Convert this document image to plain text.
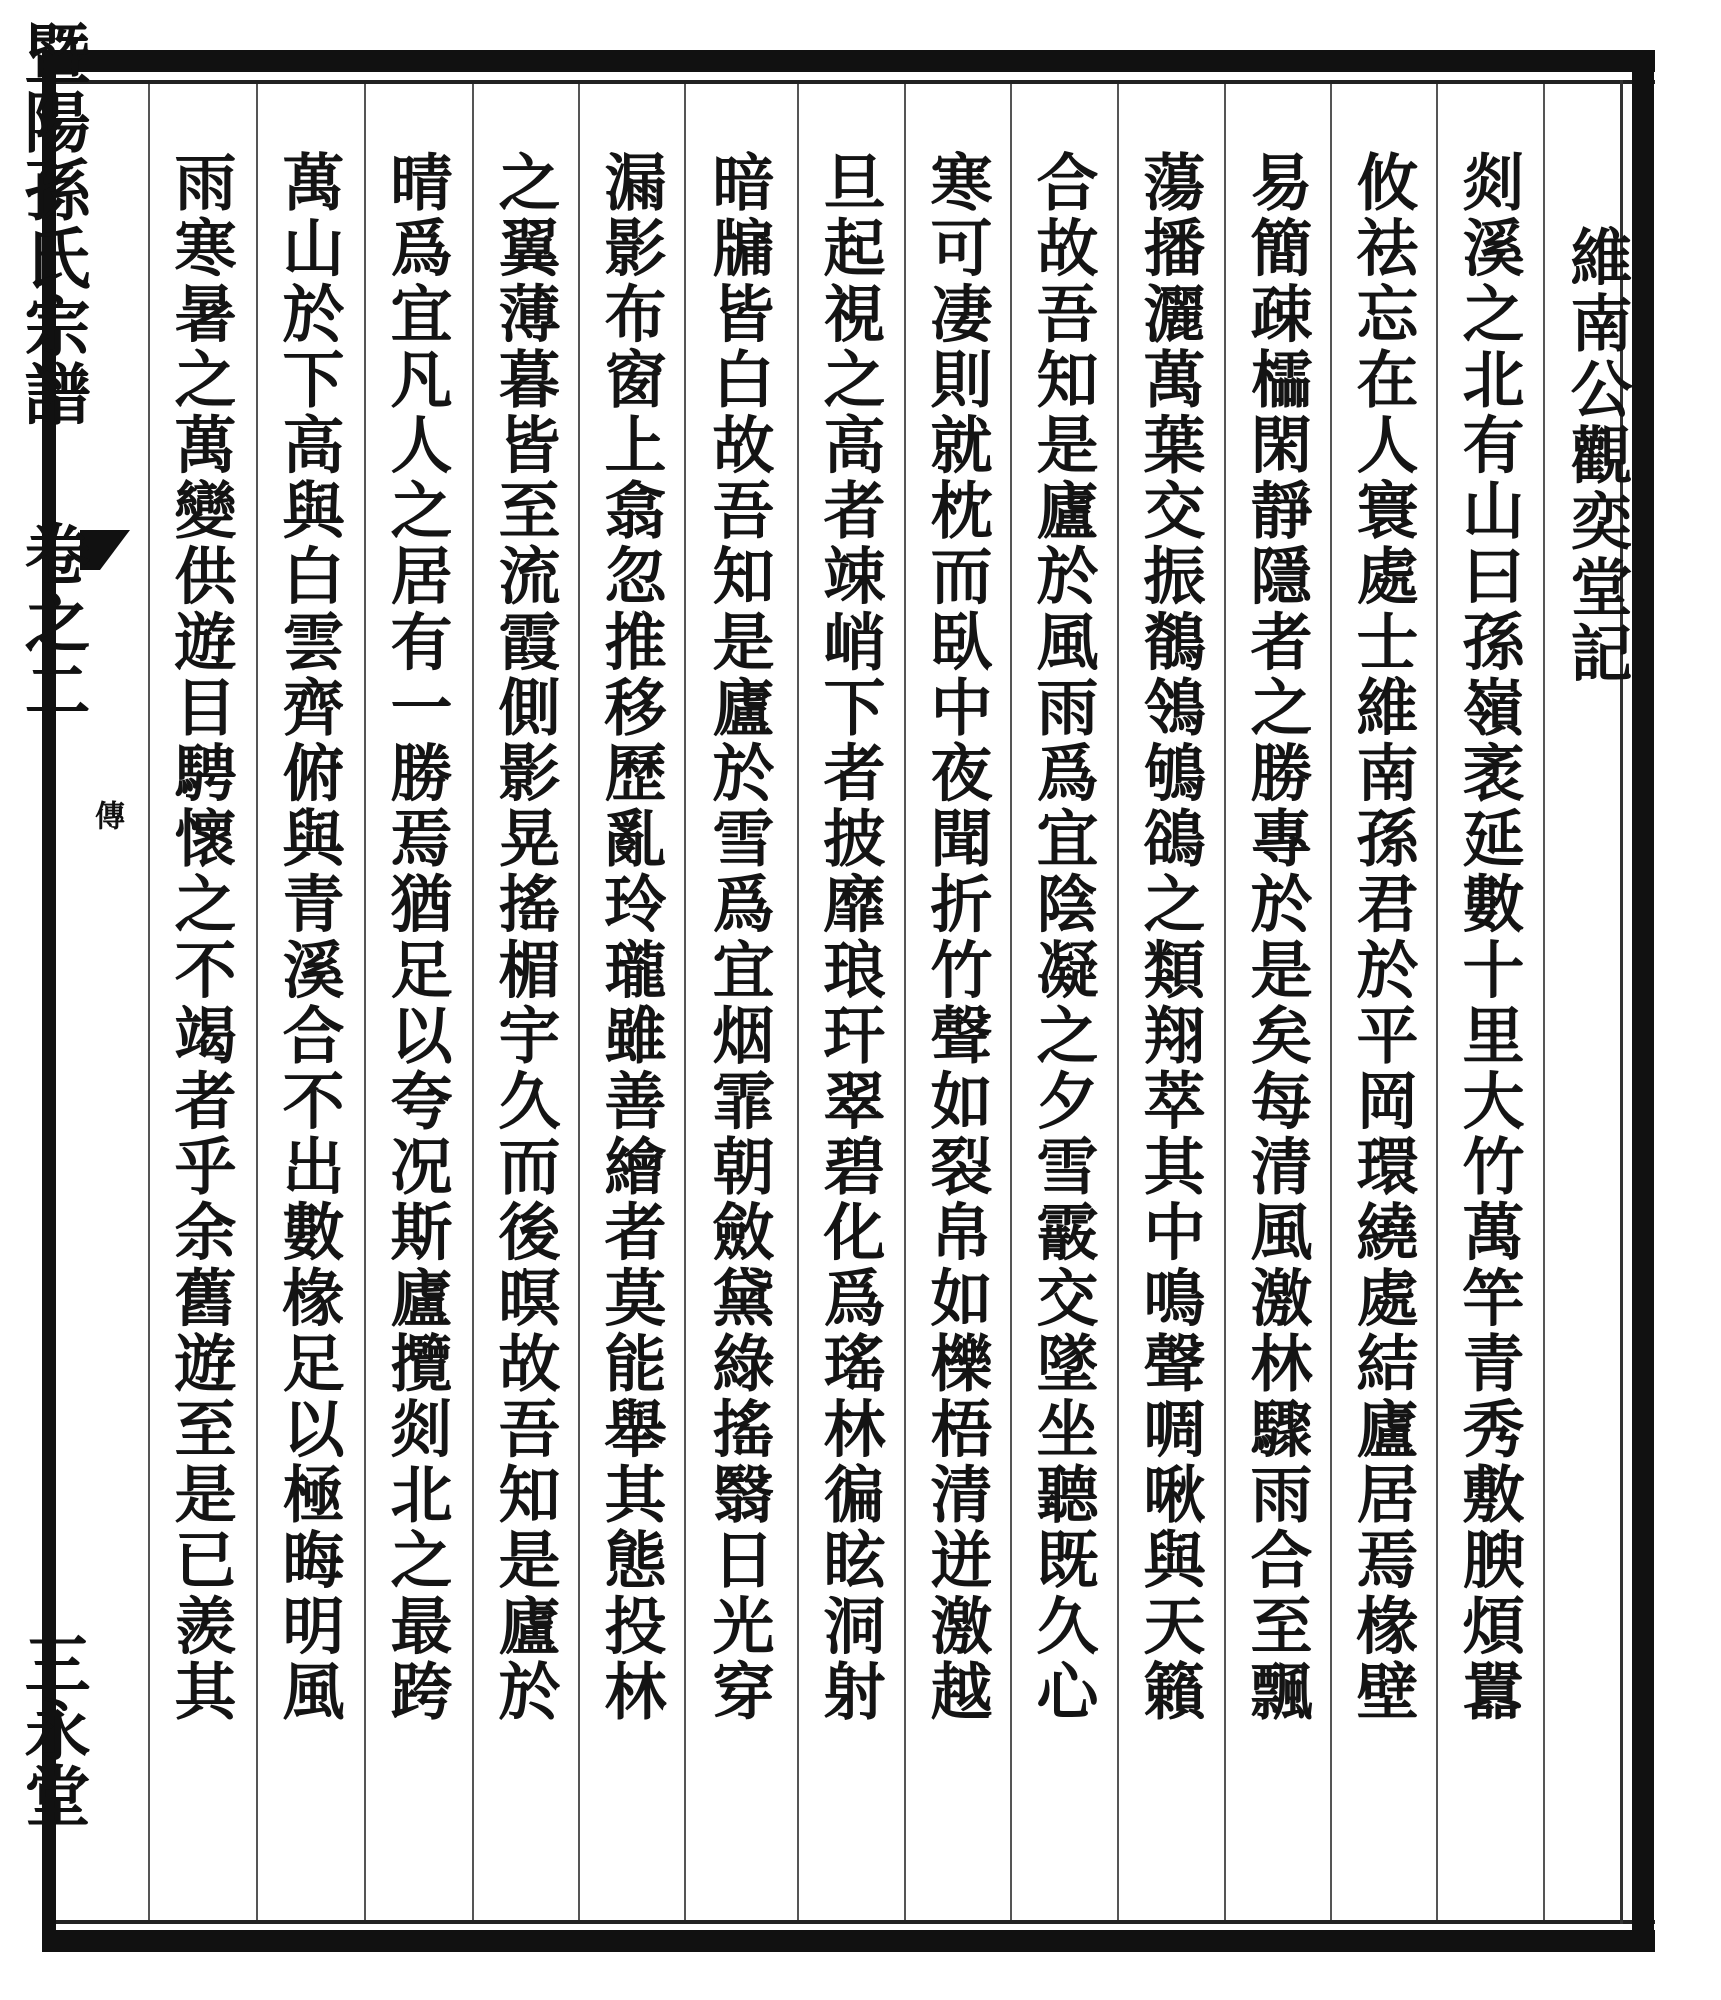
暨陽孫氏宗譜
卷之二
傳
三永堂
維南公觀奕堂記
剡溪之北有山曰孫嶺袤延數十里大竹萬竿青秀敷腴煩囂
攸祛忘在人寰處士維南孫君於平岡環繞處結廬居焉椽壁
易簡疎櫺閑靜隱者之勝專於是矣每清風激林驟雨合至飄
蕩播灑萬葉交振鶺鴒鴝鵒之類翔萃其中鳴聲啁啾與天籟
合故吾知是廬於風雨爲宜陰凝之夕雪霰交墜坐聽既久心
寒可凄則就枕而臥中夜聞折竹聲如裂帛如櫟梧清迸激越
旦起視之高者竦峭下者披靡琅玕翠碧化爲瑤林徧眩洞射
暗牖皆白故吾知是廬於雪爲宜烟霏朝斂黛綠搖翳日光穿
漏影布窗上翕忽推移歷亂玲瓏雖善繪者莫能舉其態投林
之翼薄暮皆至流霞側影晃搖楣宇久而後暝故吾知是廬於
晴爲宜凡人之居有一勝焉猶足以夸况斯廬攬剡北之最跨
萬山於下高與白雲齊俯與青溪合不出數椽足以極晦明風
雨寒暑之萬變供遊目騁懷之不竭者乎余舊遊至是已羨其
